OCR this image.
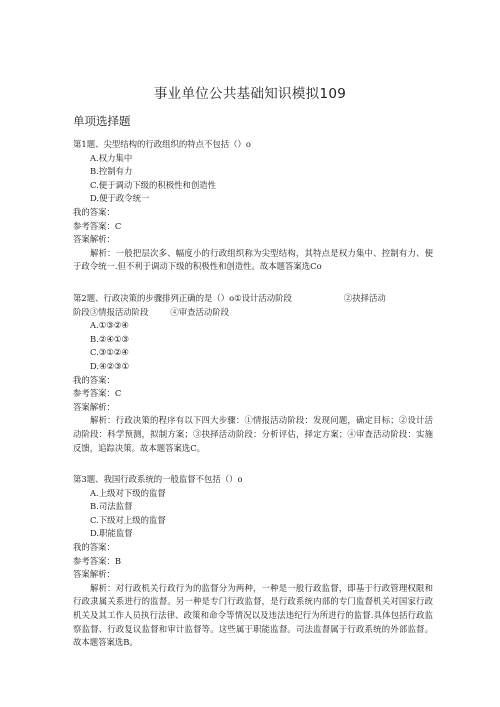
事业单位公共基础知识模拟109
单项选择题
第1题、尖型结构的行政组织的特点不包括（）o
A.权力集中
B.控制有力
C.便于调动下级的积极性和创造性
D.便于政令统一
我的答案：
参考答案：C
答案解析：
解析：一般把层次多、幅度小的行政组织称为尖型结构，其特点是权力集中、控制有力、便于政令统一.但不利于调动下级的积极性和创造性。故本题答案选Co
第2题、行政决策的步骤排列正确的是（）o①设计活动阶段	②抉择活动
阶段③情报活动阶段	④审查活动阶段
A.①③②④
B.②④①③
C.③①②④
D.④②③①
我的答案：
参考答案：C
答案解析：
解析：行政决策的程序有以下四大步骤：①情报活动阶段：发现问题，确定目标；②设计活动阶段：科学预测，拟制方案；③抉择活动阶段：分析评估，择定方案；④审查活动阶段：实施反馈，追踪决策。故本题答案选C。
第3题、我国行政系统的一般监督不包括（）o
A.上级对下级的监督
B.司法监督
C.下级对上级的监督
D.职能监督
我的答案：
参考答案：B
答案解析：
解析：对行政机关行政行为的监督分为两种，一种是一般行政监督，即基于行政管理权限和行政隶属关系进行的监督。另一种是专门行政监督，是行政系统内部的专门监督机关对国家行政机关及其工作人员执行法律、政策和命令等情况以及违法违纪行为所进行的监督.具体包括行政监察监督、行政复议监督和审计监督等。这些属于职能监督。司法监督属于行政系统的外部监督。故本题答案选B。
